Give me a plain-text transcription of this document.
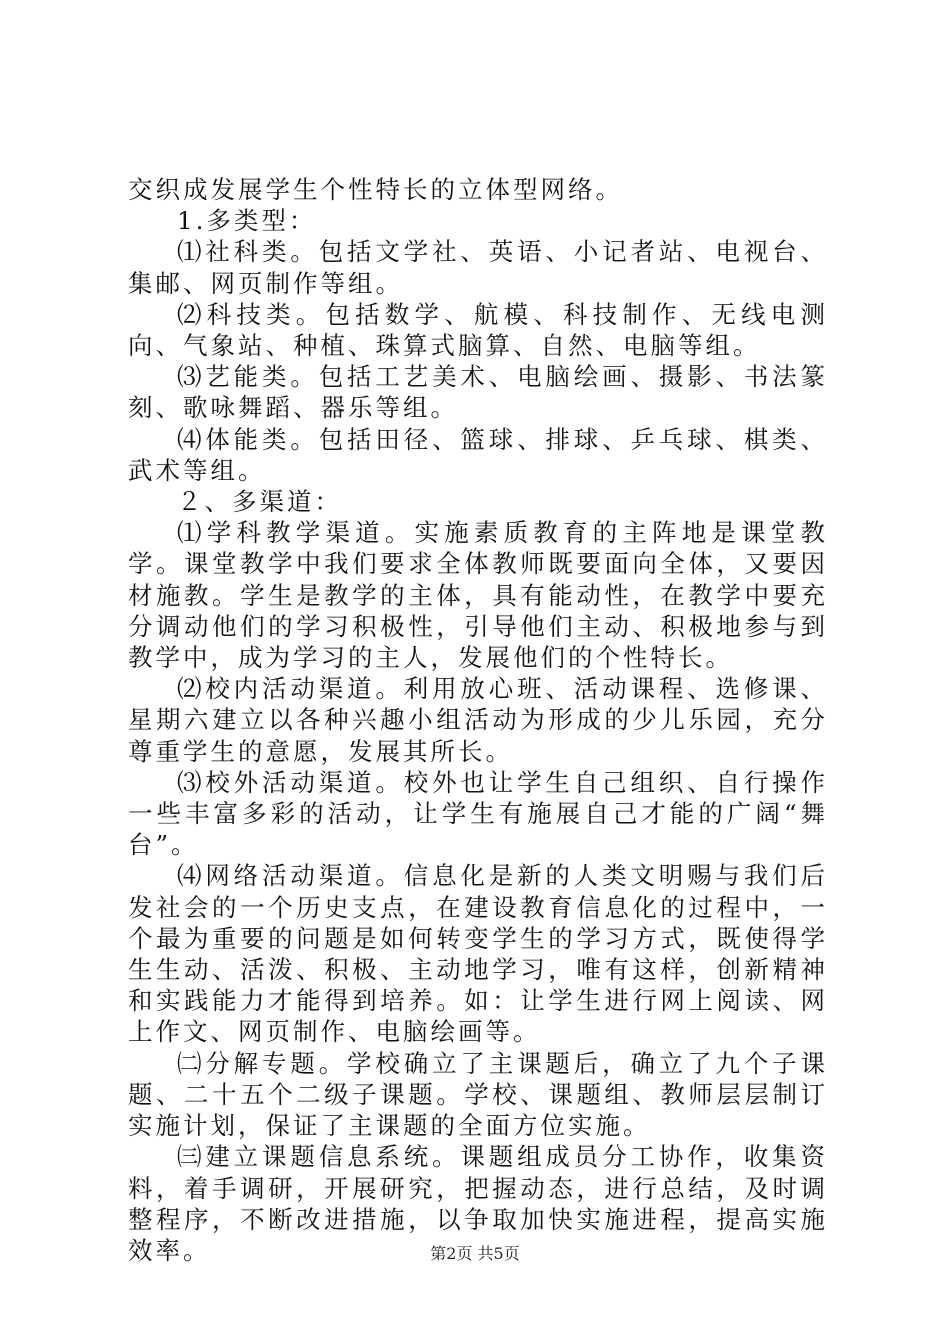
交织成发展学生个性特长的立体型网络。

1.多类型：

⑴社科类。包括文学社、英语、小记者站、电视台、集邮、网页制作等组。

⑵科技类。包括数学、航模、科技制作、无线电测向、气象站、种植、珠算式脑算、自然、电脑等组。

⑶艺能类。包括工艺美术、电脑绘画、摄影、书法篆刻、歌咏舞蹈、器乐等组。

⑷体能类。包括田径、篮球、排球、乒乓球、棋类、武术等组。

２、多渠道：

⑴学科教学渠道。实施素质教育的主阵地是课堂教学。课堂教学中我们要求全体教师既要面向全体，又要因材施教。学生是教学的主体，具有能动性，在教学中要充分调动他们的学习积极性，引导他们主动、积极地参与到教学中，成为学习的主人，发展他们的个性特长。

⑵校内活动渠道。利用放心班、活动课程、选修课、星期六建立以各种兴趣小组活动为形成的少儿乐园，充分尊重学生的意愿，发展其所长。

⑶校外活动渠道。校外也让学生自己组织、自行操作一些丰富多彩的活动，让学生有施展自己才能的广阔“舞台”。

⑷网络活动渠道。信息化是新的人类文明赐与我们后发社会的一个历史支点，在建设教育信息化的过程中，一个最为重要的问题是如何转变学生的学习方式，既使得学生生动、活泼、积极、主动地学习，唯有这样，创新精神和实践能力才能得到培养。如：让学生进行网上阅读、网上作文、网页制作、电脑绘画等。

㈡分解专题。学校确立了主课题后，确立了九个子课题、二十五个二级子课题。学校、课题组、教师层层制订实施计划，保证了主课题的全面方位实施。

㈢建立课题信息系统。课题组成员分工协作，收集资料，着手调研，开展研究，把握动态，进行总结，及时调整程序，不断改进措施，以争取加快实施进程，提高实施效率。	第2页 共5页
